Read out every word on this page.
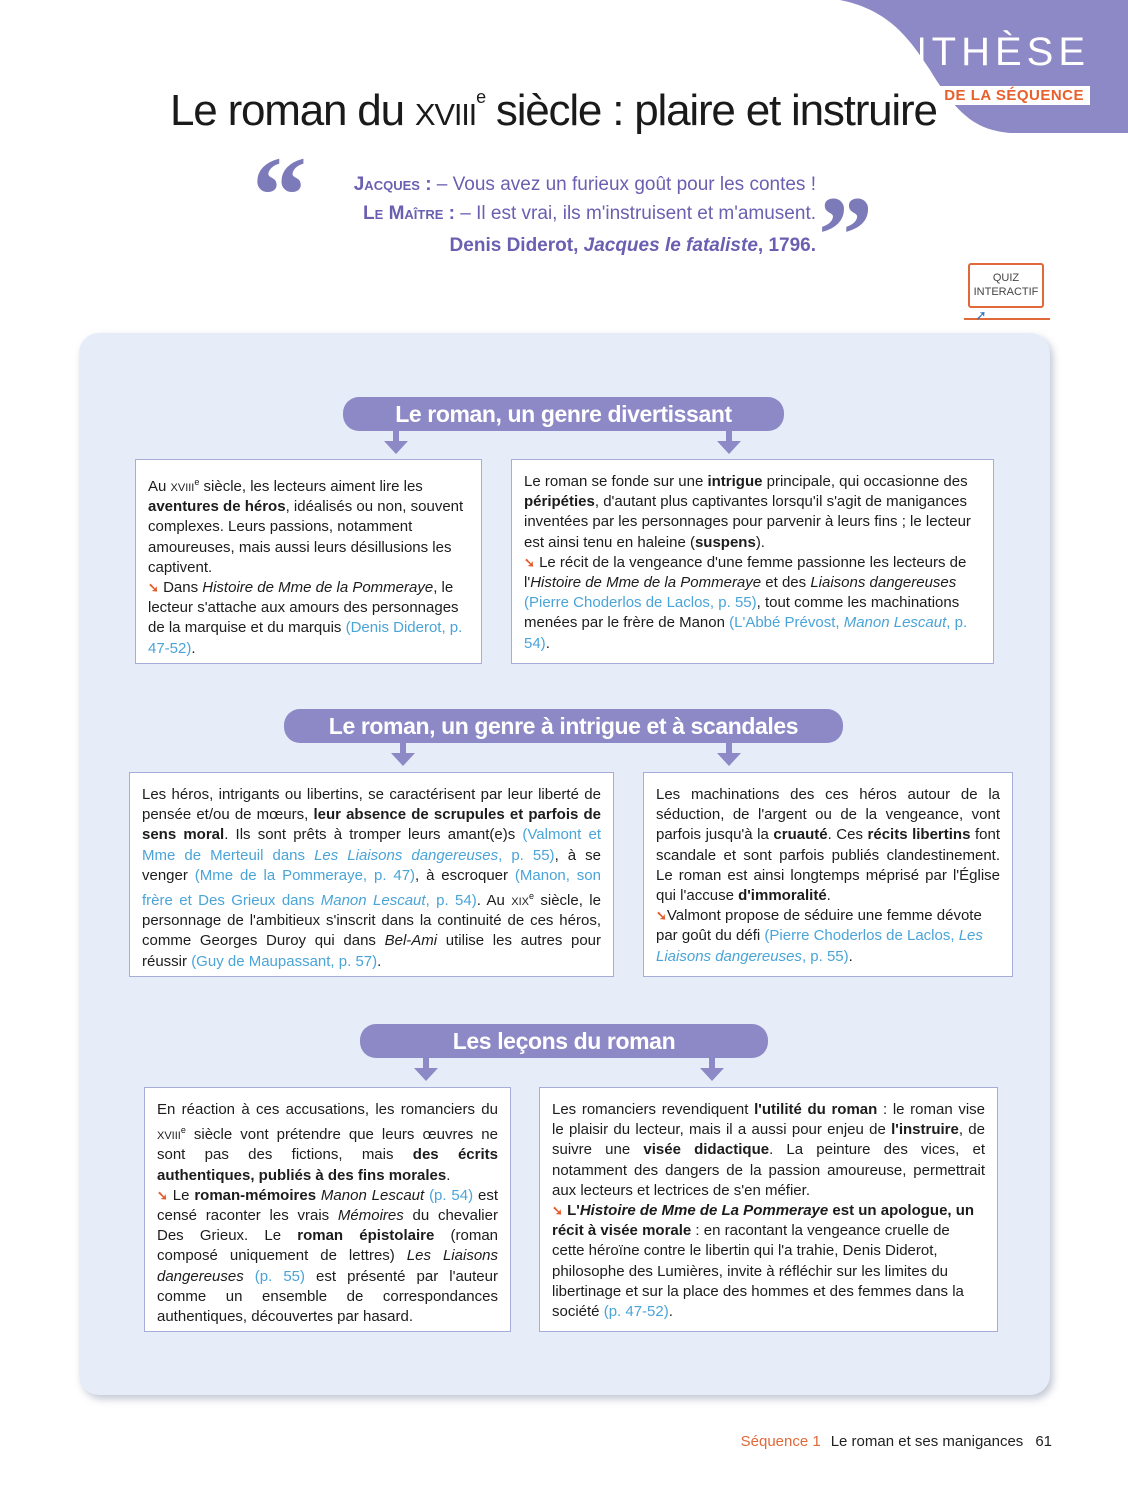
SYNTHÈSE
DE LA SÉQUENCE
Le roman du xviii$^e$ siècle : plaire et instruire
“ Jacques : – Vous avez un furieux goût pour les contes !
Le Maître : – Il est vrai, ils m'instruisent et m'amusent.
Denis Diderot, Jacques le fataliste, 1796. ”	QUIZ
INTERACTIF
➚
Le roman, un genre divertissant

Au xviii$^e$ siècle, les lecteurs aiment lire les aventures de héros, idéalisés ou non, souvent complexes. Leurs passions, notamment amoureuses, mais aussi leurs désillusions les captivent.

➘ Dans Histoire de Mme de la Pommeraye, le lecteur s'attache aux amours des personnages de la marquise et du marquis (Denis Diderot, p. 47-52).

Le roman se fonde sur une intrigue principale, qui occasionne des péripéties, d'autant plus captivantes lorsqu'il s'agit de manigances inventées par les personnages pour parvenir à leurs fins ; le lecteur est ainsi tenu en haleine (suspens).

➘ Le récit de la vengeance d'une femme passionne les lecteurs de l'Histoire de Mme de la Pommeraye et des Liaisons dangereuses (Pierre Choderlos de Laclos, p. 55), tout comme les machinations menées par le frère de Manon (L'Abbé Prévost, Manon Lescaut, p. 54).

Le roman, un genre à intrigue et à scandales

Les héros, intrigants ou libertins, se caractérisent par leur liberté de pensée et/ou de mœurs, leur absence de scrupules et parfois de sens moral. Ils sont prêts à tromper leurs amant(e)s (Valmont et Mme de Merteuil dans Les Liaisons dangereuses, p. 55), à se venger (Mme de la Pommeraye, p. 47), à escroquer (Manon, son frère et Des Grieux dans Manon Lescaut, p. 54). Au xix$^e$ siècle, le personnage de l'ambitieux s'inscrit dans la continuité de ces héros, comme Georges Duroy qui dans Bel-Ami utilise les autres pour réussir (Guy de Maupassant, p. 57).

Les machinations des ces héros autour de la séduction, de l'argent ou de la vengeance, vont parfois jusqu'à la cruauté. Ces récits libertins font scandale et sont parfois publiés clandestinement. Le roman est ainsi longtemps méprisé par l'Église qui l'accuse d'immoralité.

➘Valmont propose de séduire une femme dévote par goût du défi (Pierre Choderlos de Laclos, Les Liaisons dangereuses, p. 55).

Les leçons du roman

En réaction à ces accusations, les romanciers du xviii$^e$ siècle vont prétendre que leurs œuvres ne sont pas des fictions, mais des écrits authentiques, publiés à des fins morales.

➘ Le roman-mémoires Manon Lescaut (p. 54) est censé raconter les vrais Mémoires du chevalier Des Grieux. Le roman épistolaire (roman composé uniquement de lettres) Les Liaisons dangereuses (p. 55) est présenté par l'auteur comme un ensemble de correspondances authentiques, découvertes par hasard.

Les romanciers revendiquent l'utilité du roman : le roman vise le plaisir du lecteur, mais il a aussi pour enjeu de l'instruire, de suivre une visée didactique. La peinture des vices, et notamment des dangers de la passion amoureuse, permettrait aux lecteurs et lectrices de s'en méfier.

➘ L'Histoire de Mme de La Pommeraye est un apologue, un récit à visée morale : en racontant la vengeance cruelle de cette héroïne contre le libertin qui l'a trahie, Denis Diderot, philosophe des Lumières, invite à réfléchir sur les limites du libertinage et sur la place des hommes et des femmes dans la société (p. 47-52).

Séquence 1 Le roman et ses manigances 61
